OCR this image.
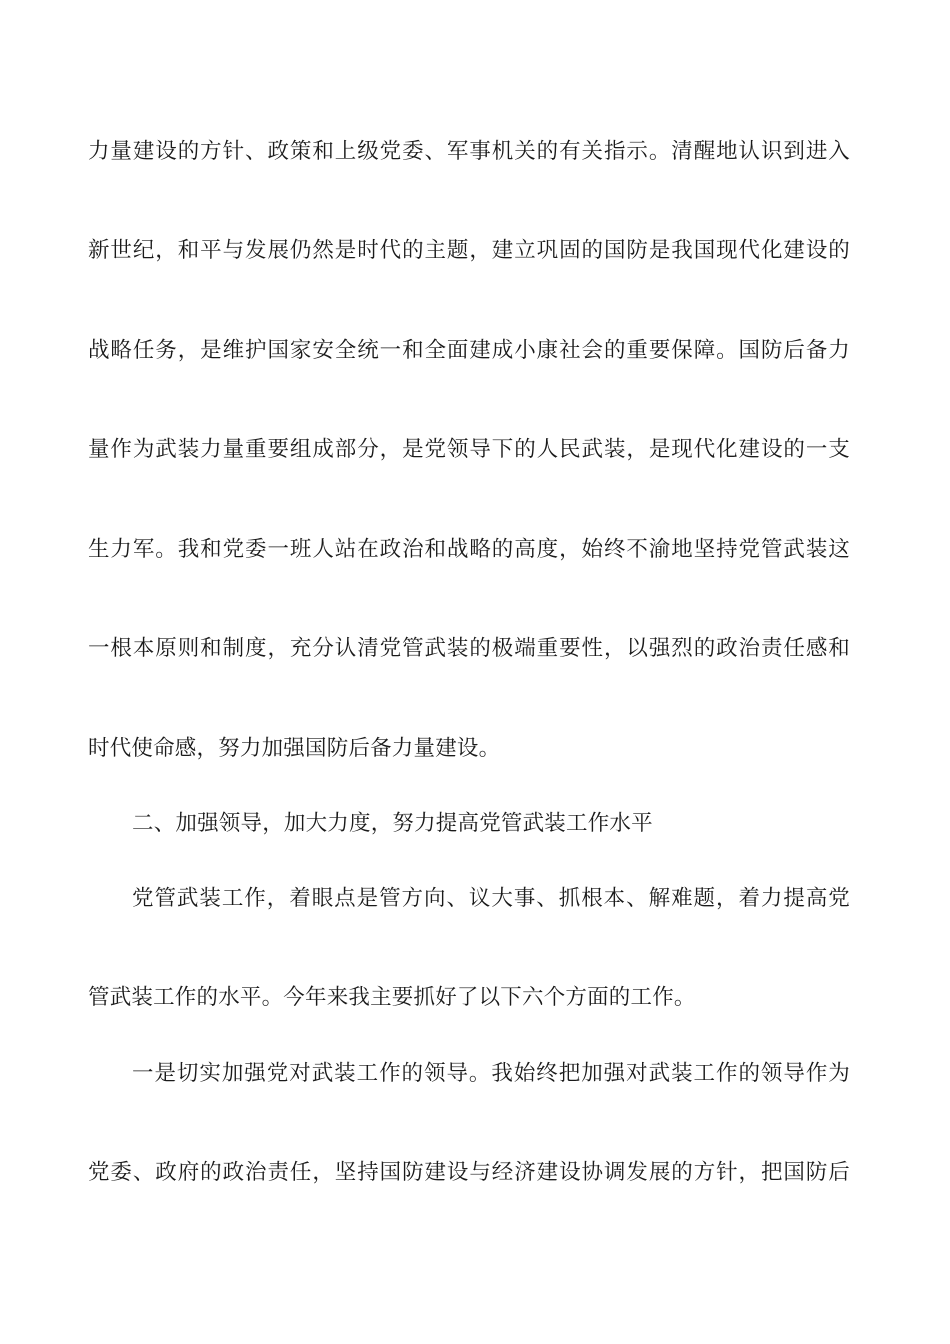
力量建设的方针、政策和上级党委、军事机关的有关指示。清醒地认识到进入
新世纪，和平与发展仍然是时代的主题，建立巩固的国防是我国现代化建设的
战略任务，是维护国家安全统一和全面建成小康社会的重要保障。国防后备力
量作为武装力量重要组成部分，是党领导下的人民武装，是现代化建设的一支
生力军。我和党委一班人站在政治和战略的高度，始终不渝地坚持党管武装这
一根本原则和制度，充分认清党管武装的极端重要性，以强烈的政治责任感和
时代使命感，努力加强国防后备力量建设。
二、加强领导，加大力度，努力提高党管武装工作水平
党管武装工作，着眼点是管方向、议大事、抓根本、解难题，着力提高党
管武装工作的水平。今年来我主要抓好了以下六个方面的工作。
一是切实加强党对武装工作的领导。我始终把加强对武装工作的领导作为
党委、政府的政治责任，坚持国防建设与经济建设协调发展的方针，把国防后
